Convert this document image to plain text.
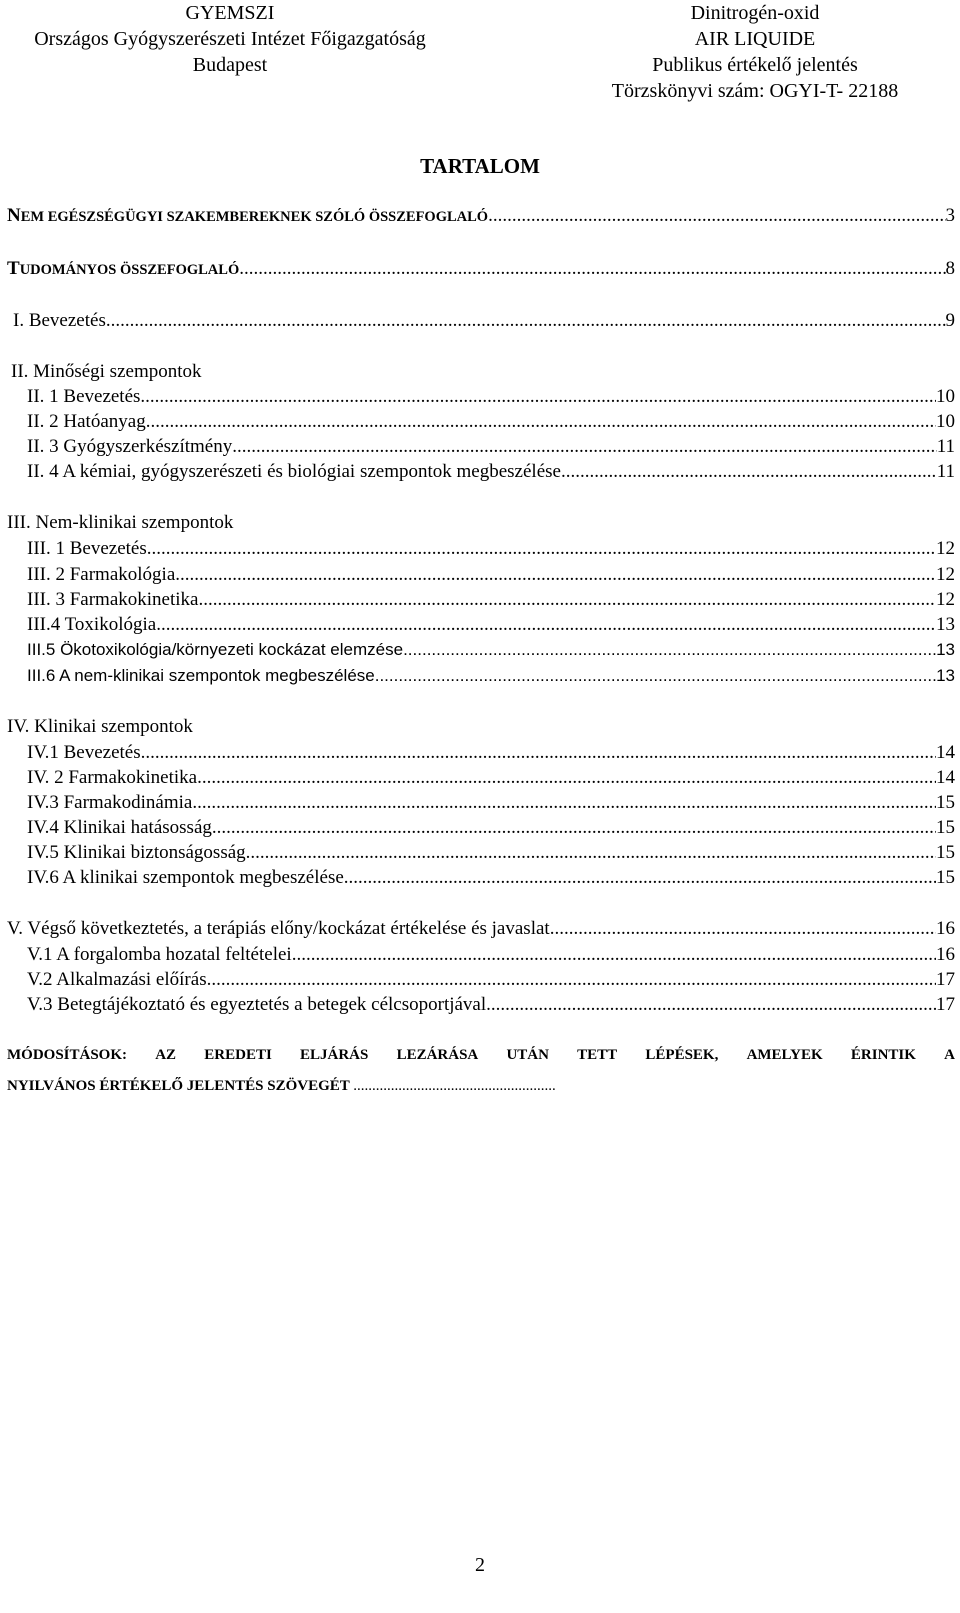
GYEMSZI
Országos Gyógyszerészeti Intézet Főigazgatóság
Budapest
Dinitrogén-oxid
AIR LIQUIDE
Publikus értékelő jelentés
Törzskönyvi szám: OGYI-T- 22188
TARTALOM
NEM EGÉSZSÉGÜGYI SZAKEMBEREKNEK SZÓLÓ ÖSSZEFOGLALÓ .....	3
TUDOMÁNYOS ÖSSZEFOGLALÓ .....	8
I. Bevezetés .....	9
II. Minőségi szempontok
II. 1 Bevezetés .....	10
II. 2 Hatóanyag .....	10
II. 3 Gyógyszerkészítmény .....	11
II. 4 A kémiai, gyógyszerészeti és biológiai szempontok megbeszélése .....	11
III. Nem-klinikai szempontok
III. 1 Bevezetés .....	12
III. 2 Farmakológia .....	12
III. 3 Farmakokinetika .....	12
III.4 Toxikológia .....	13
III.5 Ökotoxikológia/környezeti kockázat elemzése .....	13
III.6 A nem-klinikai szempontok megbeszélése .....	13
IV. Klinikai szempontok
IV.1 Bevezetés .....	14
IV. 2 Farmakokinetika .....	14
IV.3 Farmakodinámia .....	15
IV.4 Klinikai hatásosság .....	15
IV.5 Klinikai biztonságosság .....	15
IV.6 A klinikai szempontok megbeszélése .....	15
V. Végső következtetés, a terápiás előny/kockázat értékelése és javaslat .....	16
V.1 A forgalomba hozatal feltételei .....	16
V.2 Alkalmazási előírás .....	17
V.3 Betegtájékoztató és egyeztetés a betegek célcsoportjával .....	17
MÓDOSÍTÁSOK: AZ EREDETI ELJÁRÁS LEZÁRÁSA UTÁN TETT LÉPÉSEK, AMELYEK ÉRINTIK A
NYILVÁNOS ÉRTÉKELŐ JELENTÉS SZÖVEGÉT ......................................................
2
